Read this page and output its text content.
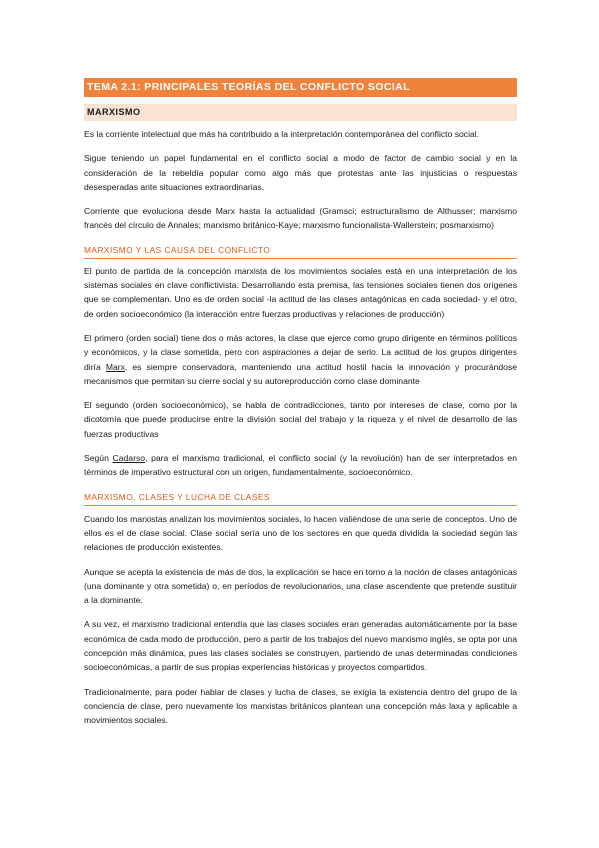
TEMA 2.1: PRINCIPALES TEORÍAS DEL CONFLICTO SOCIAL
MARXISMO

Es la corriente intelectual que más ha contribuido a la interpretación contemporánea del conflicto social.

Sigue teniendo un papel fundamental en el conflicto social a modo de factor de cambio social y en la consideración de la rebeldía popular como algo más que protestas ante las injusticias o respuestas desesperadas ante situaciones extraordinarias.

Corriente que evoluciona desde Marx hasta la actualidad (Gramsci; estructuralismo de Althusser; marxismo francés del círculo de Annales; marxismo británico-Kaye; marxismo funcionalista-Wallerstein; posmarxismo)

MARXISMO Y LAS CAUSA DEL CONFLICTO

El punto de partida de la concepción marxista de los movimientos sociales está en una interpretación de los sistemas sociales en clave conflictivista. Desarrollando esta premisa, las tensiones sociales tienen dos orígenes que se complementan. Uno es de orden social -la actitud de las clases antagónicas en cada sociedad- y el otro, de orden socioeconómico (la interacción entre fuerzas productivas y relaciones de producción)

El primero (orden social) tiene dos o más actores, la clase que ejerce como grupo dirigente en términos políticos y económicos, y la clase sometida, pero con aspiraciones a dejar de serlo. La actitud de los grupos dirigentes diría Marx, es siempre conservadora, manteniendo una actitud hostil hacia la innovación y procurándose mecanismos que permitan su cierre social y su autoreproducción como clase dominante

El segundo (orden socioeconómico), se habla de contradicciones, tanto por intereses de clase, como por la dicotomía que puede producirse entre la división social del trabajo y la riqueza y el nivel de desarrollo de las fuerzas productivas

Según Cadarso, para el marxismo tradicional, el conflicto social (y la revolución) han de ser interpretados en términos de imperativo estructural con un origen, fundamentalmente, socioeconómico.

MARXISMO, CLASES Y LUCHA DE CLASES

Cuando los marxistas analizan los movimientos sociales, lo hacen valiéndose de una serie de conceptos. Uno de ellos es el de clase social. Clase social sería uno de los sectores en que queda dividida la sociedad según las relaciones de producción existentes.

Aunque se acepta la existencia de más de dos, la explicación se hace en torno a la noción de clases antagónicas (una dominante y otra sometida) o, en períodos de revolucionarios, una clase ascendente que pretende sustituir a la dominante.

A su vez, el marxismo tradicional entendía que las clases sociales eran generadas automáticamente por la base económica de cada modo de producción, pero a partir de los trabajos del nuevo marxismo inglés, se opta por una concepción más dinámica, pues las clases sociales se construyen, partiendo de unas determinadas condiciones socioeconómicas, a partir de sus propias experiencias históricas y proyectos compartidos.

Tradicionalmente, para poder hablar de clases y lucha de clases, se exigía la existencia dentro del grupo de la conciencia de clase, pero nuevamente los marxistas británicos plantean una concepción más laxa y aplicable a movimientos sociales.
